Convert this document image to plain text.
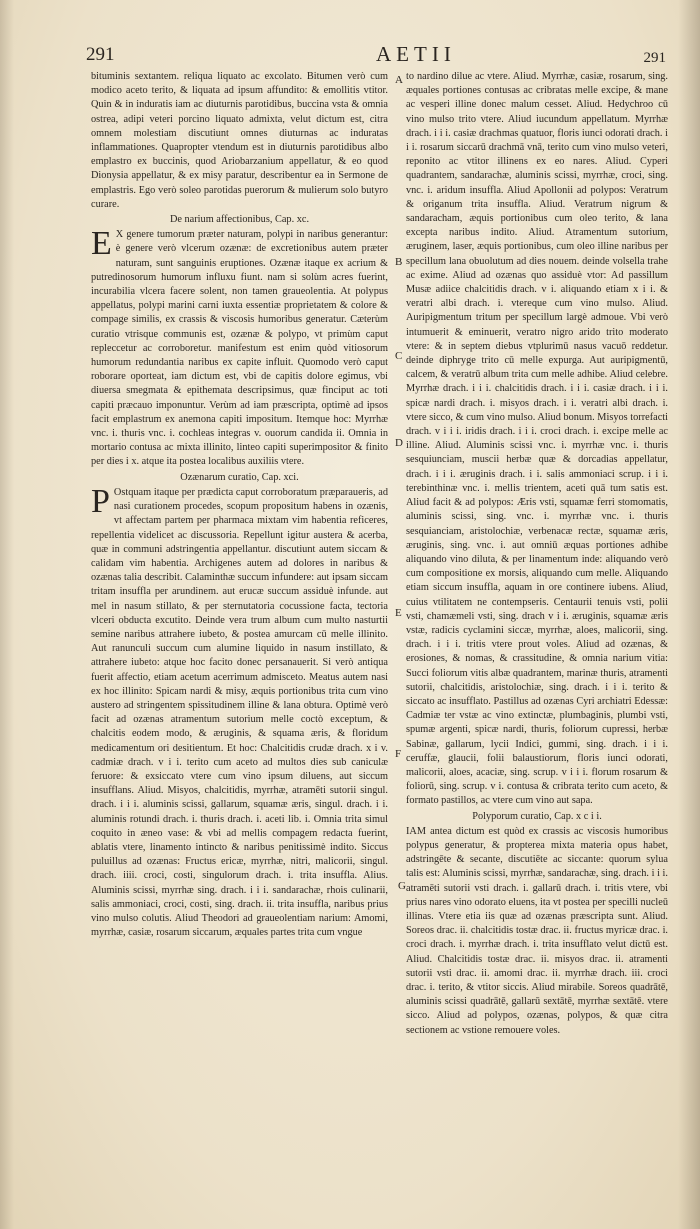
291	AETII	291
A
B
C
D
E
F
G

bituminis sextantem. reliqua liquato ac excolato. Bitumen verò cum modico aceto terito, & liquata ad ipsum affundito: & emollitis vtitor. Quin & in induratis iam ac diuturnis parotidibus, buccina vsta & omnia ostrea, adipi veteri porcino liquato admixta, velut dictum est, citra omnem molestiam discutiunt omnes diuturnas ac induratas inflammationes. Quapropter vtendum est in diuturnis parotidibus albo emplastro ex buccinis, quod Ariobarzanium appellatur, & eo quod Dionysia appellatur, & ex misy paratur, describentur ea in Sermone de emplastris. Ego verò soleo parotidas puerorum & mulierum solo butyro curare.

De narium affectionibus, Cap. xc.

E X genere tumorum præter naturam, polypi in naribus generantur: è genere verò vlcerum ozænæ: de excretionibus autem præter naturam, sunt sanguinis eruptiones. Ozænæ itaque ex acrium & putredinosorum humorum influxu fiunt. nam si solùm acres fuerint, incurabilia vlcera facere solent, non tamen graueolentia. At polypus appellatus, polypi marini carni iuxta essentiæ proprietatem & colore & compage similis, ex crassis & viscosis humoribus generatur. Cæterùm curatio vtrisque communis est, ozænæ & polypo, vt primùm caput repleccetur ac corroboretur. manifestum est enim quòd vitiosorum humorum redundantia naribus ex capite influit. Quomodo verò caput roborare oporteat, iam dictum est, vbi de capitis dolore egimus, vbi diuersa smegmata & epithemata descripsimus, quæ finciput ac toti capiti præcauo imponuntur. Verùm ad iam præscripta, optimè ad ipsos facit emplastrum ex anemona capiti impositum. Itemque hoc: Myrrhæ vnc. i. thuris vnc. i. cochleas integras v. ouorum candida ii. Omnia in mortario contusa ac mixta illinito, linteo capiti superimpositor & finito per dies i x. atque ita postea localibus auxiliis vtere.

Ozænarum curatio, Cap. xci.

P Ostquam itaque per prædicta caput corroboratum præparaueris, ad nasi curationem procedes, scopum propositum habens in ozænis, vt affectam partem per pharmaca mixtam vim habentia reficeres, repellentia videlicet ac discussoria. Repellunt igitur austera & acerba, quæ in communi adstringentia appellantur. discutiunt autem siccam & calidam vim habentia. Archigenes autem ad dolores in naribus & ozænas talia describit. Calaminthæ succum infundere: aut ipsam siccam tritam insuffla per arundinem. aut erucæ succum assiduè infunde. aut mel in nasum stillato, & per sternutatoria cocussione facta, tectoria vlceri obducta excutito. Deinde vera trum album cum multo nasturtii semine naribus attrahere iubeto, & postea amurcam cū melle illinito. Aut ranunculi succum cum alumine liquido in nasum instillato, & attrahere iubeto: atque hoc facito donec persanauerit. Si verò antiqua fuerit affectio, etiam acetum acerrimum admisceto. Meatus autem nasi ex hoc illinito: Spicam nardi & misy, æquis portionibus trita cum vino austero ad stringentem spissitudinem illine & lana obtura. Optimè verò facit ad ozænas atramentum sutorium melle coctò exceptum, & chalcitis eodem modo, & æruginis, & squama æris, & floridum medicamentum ori desitientum. Et hoc: Chalcitidis crudæ drach. x i v. cadmiæ drach. v i i. terito cum aceto ad multos dies sub caniculæ feruore: & exsiccato vtere cum vino ipsum diluens, aut siccum insufflans. Aliud. Misyos, chalcitidis, myrrhæ, atramēti sutorii singul. drach. i i i. aluminis scissi, gallarum, squamæ æris, singul. drach. i i. aluminis rotundi drach. i. thuris drach. i. aceti lib. i. Omnia trita simul coquito in æneo vase: & vbi ad mellis compagem redacta fuerint, ablatis vtere, linamento intincto & naribus penitissimè indito. Siccus puluillus ad ozænas: Fructus ericæ, myrrhæ, nitri, malicorii, singul. drach. iiii. croci, costi, singulorum drach. i. trita insuffla. Alius. Aluminis scissi, myrrhæ sing. drach. i i i. sandarachæ, rhois culinarii, salis ammoniaci, croci, costi, sing. drach. ii. trita insuffla, naribus prius vino mulso colutis. Aliud Theodori ad graueolentiam narium: Amomi, myrrhæ, casiæ, rosarum siccarum, æquales partes trita cum vngue

to nardino dilue ac vtere. Aliud. Myrrhæ, casiæ, rosarum, sing. æquales portiones contusas ac cribratas melle excipe, & mane ac vesperi illine donec malum cesset. Aliud. Hedychroo cū vino mulso trito vtere. Aliud iucundum appellatum. Myrrhæ drach. i i i. casiæ drachmas quatuor, floris iunci odorati drach. i i i. rosarum siccarū drachmā vnā, terito cum vino mulso veteri, reponito ac vtitor illinens ex eo nares. Aliud. Cyperi quadrantem, sandarachæ, aluminis scissi, myrrhæ, croci, sing. vnc. i. aridum insuffla. Aliud Apollonii ad polypos: Veratrum & origanum trita insuffla. Aliud. Veratrum nigrum & sandaracham, æquis portionibus cum oleo terito, & lana excepta naribus indito. Aliud. Atramentum sutorium, æruginem, laser, æquis portionibus, cum oleo illine naribus per specillum lana obuolutum ad dies nouem. deinde volsella trahe ac exime. Aliud ad ozænas quo assiduè vtor: Ad passillum Musæ adiice chalcitidis drach. v i. aliquando etiam x i i. & veratri albi drach. i. vtereque cum vino mulso. Aliud. Auripigmentum tritum per specillum largè admoue. Vbi verò intumuerit & eminuerit, veratro nigro arido trito moderato vtere: & in septem diebus vtplurimū nasus vacuō reddetur. deinde diphryge trito cū melle expurga. Aut auripigmentū, calcem, & veratrū album trita cum melle adhibe. Aliud celebre. Myrrhæ drach. i i i. chalcitidis drach. i i i. casiæ drach. i i i. spicæ nardi drach. i. misyos drach. i i. veratri albi drach. i. vtere sicco, & cum vino mulso. Aliud bonum. Misyos torrefacti drach. v i i i. iridis drach. i i i. croci drach. i. excipe melle ac illine. Aliud. Aluminis scissi vnc. i. myrrhæ vnc. i. thuris sesquiunciam, muscii herbæ quæ & dorcadias appellatur, drach. i i i. æruginis drach. i i. salis ammoniaci scrup. i i i. terebinthinæ vnc. i. mellis trientem, aceti quā tum satis est. Aliud facit & ad polypos: Æris vsti, squamæ ferri stomomatis, aluminis scissi, sing. vnc. i. myrrhæ vnc. i. thuris sesquianciam, aristolochiæ, verbenacæ rectæ, squamæ æris, æruginis, sing. vnc. i. aut omniū æquas portiones adhibe aliquando vino diluta, & per linamentum inde: aliquando verò cum compositione ex morsis, aliquando cum melle. Aliquando etiam siccum insuffla, aquam in ore continere iubens. Aliud, cuius vtilitatem ne contempseris. Centaurii tenuis vsti, polii vsti, chamæmeli vsti, sing. drach v i i. æruginis, squamæ æris vstæ, radicis cyclamini siccæ, myrrhæ, aloes, malicorii, sing. drach. i i i. tritis vtere prout voles. Aliud ad ozænas, & erosiones, & nomas, & crassitudine, & omnia narium vitia: Succi foliorum vitis albæ quadrantem, marinæ thuris, atramenti sutorii, chalcitidis, aristolochiæ, sing. drach. i i i. terito & siccato ac insufflato. Pastillus ad ozænas Cyri archiatri Edessæ: Cadmiæ ter vstæ ac vino extinctæ, plumbaginis, plumbi vsti, spumæ argenti, spicæ nardi, thuris, foliorum cupressi, herbæ Sabinæ, gallarum, lycii Indici, gummi, sing. drach. i i i. ceruffæ, glaucii, folii balaustiorum, floris iunci odorati, malicorii, aloes, acaciæ, sing. scrup. v i i i. florum rosarum & foliorū, sing. scrup. v i. contusa & cribrata terito cum aceto, & formato pastillos, ac vtere cum vino aut sapa.

Polyporum curatio, Cap. x c i i.

IAM antea dictum est quòd ex crassis ac viscosis humoribus polypus generatur, & propterea mixta materia opus habet, adstringēte & secante, discutiēte ac siccante: quorum sylua talis est: Aluminis scissi, myrrhæ, sandarachæ, sing. drach. i i i. atramēti sutorii vsti drach. i. gallarū drach. i. tritis vtere, vbi prius nares vino odorato eluens, ita vt postea per specilli nucleū illinas. Vtere etia iis quæ ad ozænas præscripta sunt. Aliud. Soreos drac. ii. chalcitidis tostæ drac. ii. fructus myricæ drac. i. croci drach. i. myrrhæ drach. i. trita insufflato velut dictū est. Aliud. Chalcitidis tostæ drac. ii. misyos drac. ii. atramenti sutorii vsti drac. ii. amomi drac. ii. myrrhæ drach. iii. croci drac. i. terito, & vtitor siccis. Aliud mirabile. Soreos quadrātē, aluminis scissi quadrātē, gallarū sextātē, myrrhæ sextātē. vtere sicco. Aliud ad polypos, ozænas, polypos, & quæ citra sectionem ac vstione remouere voles.
